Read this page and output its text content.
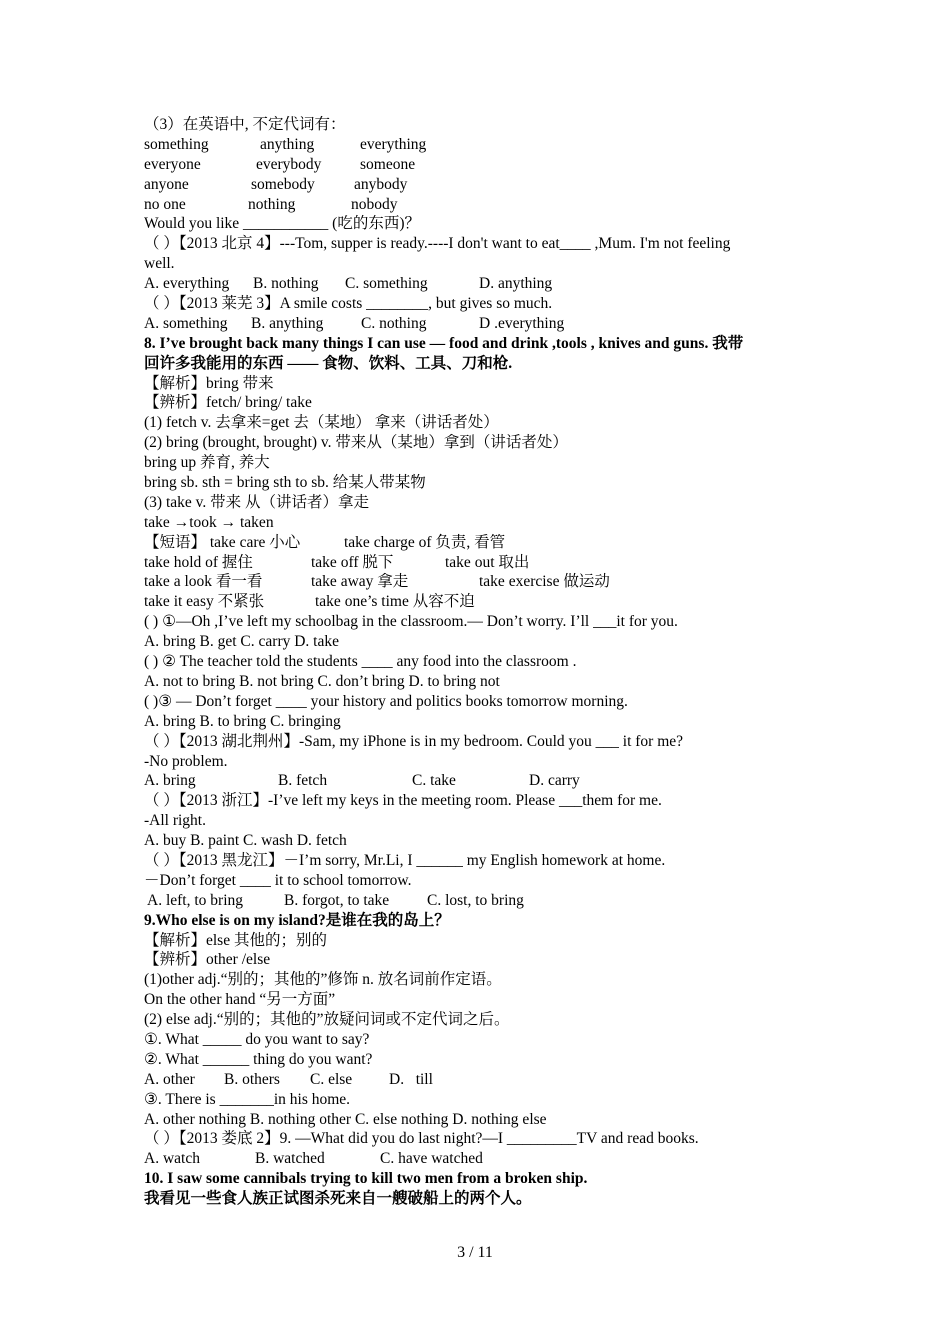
（3）在英语中, 不定代词有：
something	anything	everything
everyone	everybody someone
anyone	somebody	anybody
no one	nothing	nobody
Would you like ___________ (吃的东西)？
（ ）【2013 北京 4】---Tom, supper is ready.----I don't want to eat____ ,Mum. I'm not feeling
well.
A. everything B. nothing C. something	D. anything
（ ）【2013 莱芜 3】A smile costs ________, but gives so much.
A. something B. anything C. nothing	D .everything
8. I’ve brought back many things I can use — food and drink ,tools , knives and guns. 我带
回许多我能用的东西 —— 食物、饮料、工具、刀和枪.
【解析】bring 带来
【辨析】fetch/ bring/ take
(1) fetch v. 去拿来=get 去（某地） 拿来（讲话者处）
(2) bring (brought, brought) v. 带来从（某地）拿到（讲话者处）
bring up 养育, 养大
bring sb. sth = bring sth to sb. 给某人带某物
(3) take v. 带来 从（讲话者）拿走
take →took → taken
【短语】 take care 小心	take charge of 负责, 看管
take hold of 握住	take off 脱下	take out 取出
take a look 看一看	take away 拿走	take exercise 做运动
take it easy 不紧张	take one’s time 从容不迫
( ) ①—Oh ,I’ve left my schoolbag in the classroom.— Don’t worry. I’ll ___it for you.
A. bring B. get C. carry D. take
( ) ② The teacher told the students ____ any food into the classroom .
A. not to bring B. not bring C. don’t bring D. to bring not
( )③ — Don’t forget ____ your history and politics books tomorrow morning.
A. bring B. to bring C. bringing
（ ）【2013 湖北荆州】-Sam, my iPhone is in my bedroom. Could you ___ it for me?
-No problem.
A. bring	B. fetch	C. take	D. carry
（ ）【2013 浙江】-I’ve left my keys in the meeting room. Please ___them for me.
-All right.
A. buy B. paint C. wash D. fetch
（ ）【2013 黑龙江】－I’m sorry, Mr.Li, I ______ my English homework at home.
－Don’t forget ____ it to school tomorrow.
A. left, to bring	B. forgot, to take C. lost, to bring
9.Who else is on my island?是谁在我的岛上？
【解析】else 其他的；别的
【辨析】other /else
(1)other adj.“别的；其他的”修饰 n. 放名词前作定语。
On the other hand “另一方面”
(2) else adj.“别的；其他的”放疑问词或不定代词之后。
①. What _____ do you want to say?
②. What ______ thing do you want?
A. other B. others C. else D.   till
③. There is _______in his home.
A. other nothing B. nothing other C. else nothing D. nothing else
（ ）【2013 娄底 2】9. —What did you do last night?—I _________TV and read books.
A. watch	B. watched	C. have watched
10. I saw some cannibals trying to kill two men from a broken ship.
我看见一些食人族正试图杀死来自一艘破船上的两个人。
3 / 11
